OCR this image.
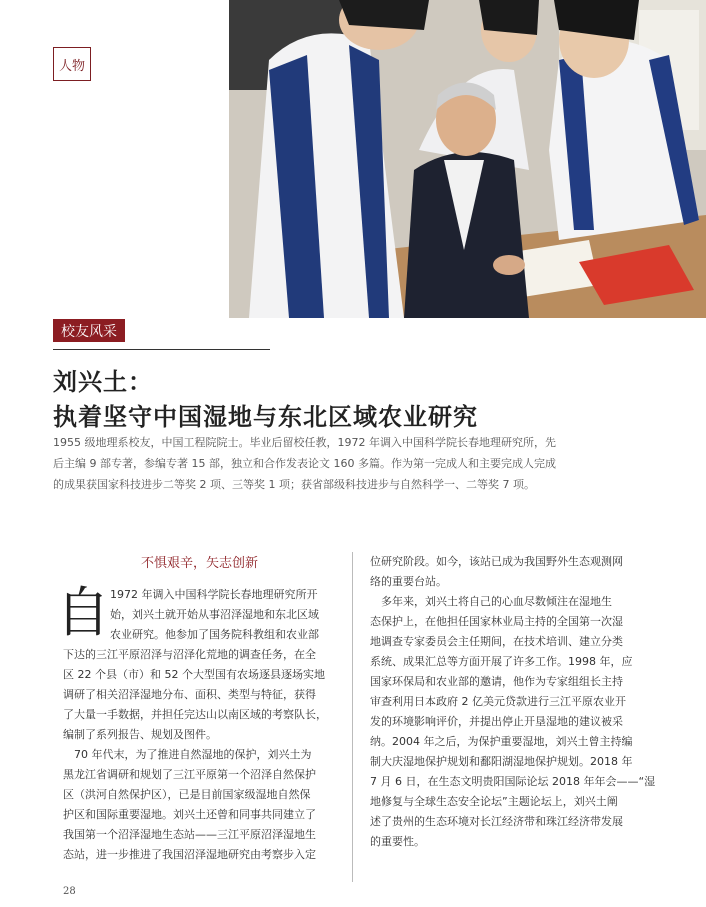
人物
校友风采
刘兴土：
执着坚守中国湿地与东北区域农业研究
1955 级地理系校友，中国工程院院士。毕业后留校任教，1972 年调入中国科学院长春地理研究所，先
后主编 9 部专著，参编专著 15 部，独立和合作发表论文 160 多篇。作为第一完成人和主要完成人完成
的成果获国家科技进步二等奖 2 项、三等奖 1 项；获省部级科技进步与自然科学一、二等奖 7 项。
不惧艰辛，矢志创新
自 1972 年调入中国科学院长春地理研究所开
始，刘兴土就开始从事沼泽湿地和东北区域
农业研究。他参加了国务院科教组和农业部
下达的三江平原沼泽与沼泽化荒地的调查任务，在全
区 22 个县（市）和 52 个大型国有农场逐县逐场实地
调研了相关沼泽湿地分布、面积、类型与特征，获得
了大量一手数据，并担任完达山以南区域的考察队长，
编制了系列报告、规划及图件。
　70 年代末，为了推进自然湿地的保护，刘兴土为
黑龙江省调研和规划了三江平原第一个沼泽自然保护
区（洪河自然保护区），已是目前国家级湿地自然保
护区和国际重要湿地。刘兴土还曾和同事共同建立了
我国第一个沼泽湿地生态站——三江平原沼泽湿地生
态站，进一步推进了我国沼泽湿地研究由考察步入定
位研究阶段。如今，该站已成为我国野外生态观测网
络的重要台站。
　多年来，刘兴土将自己的心血尽数倾注在湿地生
态保护上，在他担任国家林业局主持的全国第一次湿
地调查专家委员会主任期间，在技术培训、建立分类
系统、成果汇总等方面开展了许多工作。1998 年，应
国家环保局和农业部的邀请，他作为专家组组长主持
审查利用日本政府 2 亿美元贷款进行三江平原农业开
发的环境影响评价，并提出停止开垦湿地的建议被采
纳。2004 年之后，为保护重要湿地，刘兴土曾主持编
制大庆湿地保护规划和鄱阳湖湿地保护规划。2018 年
7 月 6 日，在生态文明贵阳国际论坛 2018 年年会——“湿
地修复与全球生态安全论坛”主题论坛上，刘兴土阐
述了贵州的生态环境对长江经济带和珠江经济带发展
的重要性。
28
